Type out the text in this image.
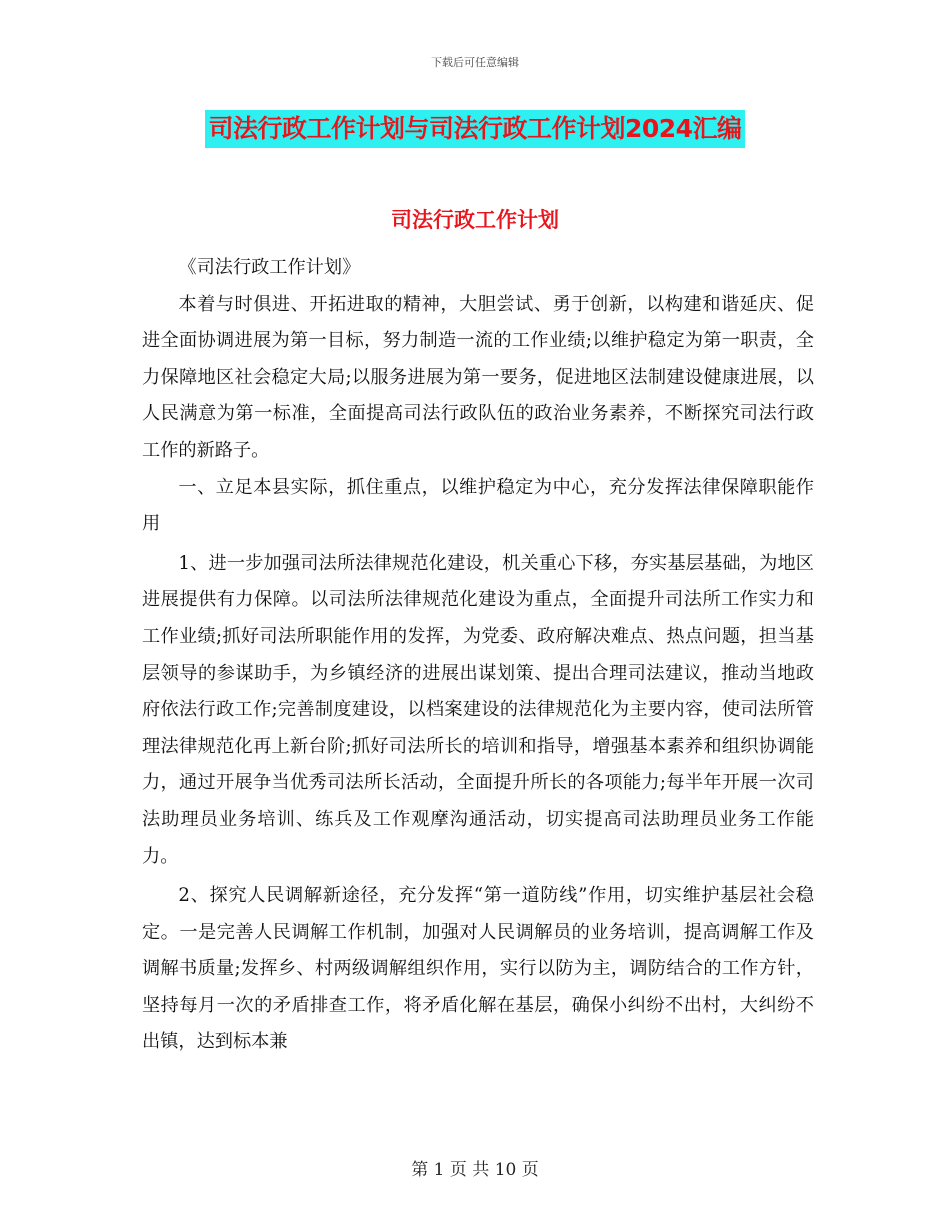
下载后可任意编辑
司法行政工作计划与司法行政工作计划2024汇编
司法行政工作计划

《司法行政工作计划》

本着与时俱进、开拓进取的精神，大胆尝试、勇于创新，以构建和谐延庆、促进全面协调进展为第一目标，努力制造一流的工作业绩;以维护稳定为第一职责，全力保障地区社会稳定大局;以服务进展为第一要务，促进地区法制建设健康进展，以人民满意为第一标准，全面提高司法行政队伍的政治业务素养，不断探究司法行政工作的新路子。

一、立足本县实际，抓住重点，以维护稳定为中心，充分发挥法律保障职能作用

1、进一步加强司法所法律规范化建设，机关重心下移，夯实基层基础，为地区进展提供有力保障。以司法所法律规范化建设为重点，全面提升司法所工作实力和工作业绩;抓好司法所职能作用的发挥，为党委、政府解决难点、热点问题，担当基层领导的参谋助手，为乡镇经济的进展出谋划策、提出合理司法建议，推动当地政府依法行政工作;完善制度建设，以档案建设的法律规范化为主要内容，使司法所管理法律规范化再上新台阶;抓好司法所长的培训和指导，增强基本素养和组织协调能力，通过开展争当优秀司法所长活动，全面提升所长的各项能力;每半年开展一次司法助理员业务培训、练兵及工作观摩沟通活动，切实提高司法助理员业务工作能力。

2、探究人民调解新途径，充分发挥“第一道防线”作用，切实维护基层社会稳定。一是完善人民调解工作机制，加强对人民调解员的业务培训，提高调解工作及调解书质量;发挥乡、村两级调解组织作用，实行以防为主，调防结合的工作方针，坚持每月一次的矛盾排查工作，将矛盾化解在基层，确保小纠纷不出村，大纠纷不出镇，达到标本兼

第 1 页 共 10 页
